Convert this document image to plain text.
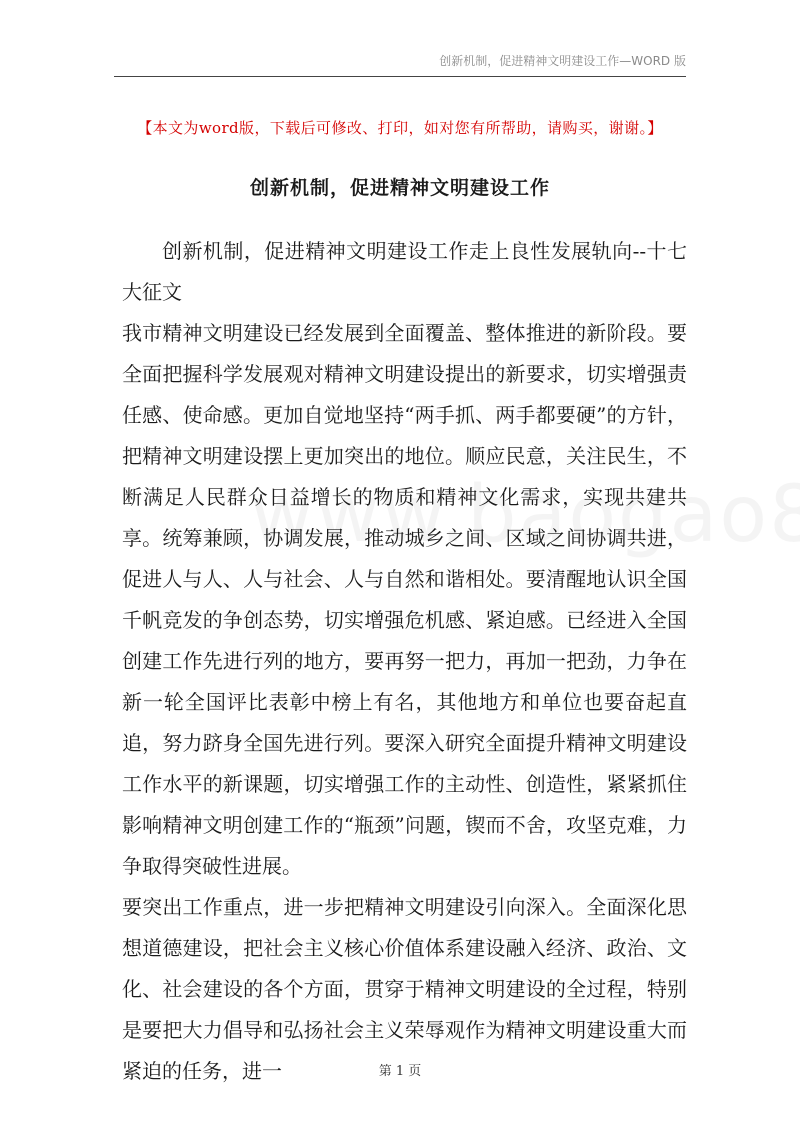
创新机制，促进精神文明建设工作—WORD 版
【本文为word版，下载后可修改、打印，如对您有所帮助，请购买，谢谢。】
创新机制，促进精神文明建设工作

创新机制，促进精神文明建设工作走上良性发展轨向--十七大征文

我市精神文明建设已经发展到全面覆盖、整体推进的新阶段。要全面把握科学发展观对精神文明建设提出的新要求，切实增强责任感、使命感。更加自觉地坚持“两手抓、两手都要硬”的方针，把精神文明建设摆上更加突出的地位。顺应民意，关注民生，不断满足人民群众日益增长的物质和精神文化需求，实现共建共享。统筹兼顾，协调发展，推动城乡之间、区域之间协调共进，促进人与人、人与社会、人与自然和谐相处。要清醒地认识全国千帆竞发的争创态势，切实增强危机感、紧迫感。已经进入全国创建工作先进行列的地方，要再努一把力，再加一把劲，力争在新一轮全国评比表彰中榜上有名，其他地方和单位也要奋起直追，努力跻身全国先进行列。要深入研究全面提升精神文明建设工作水平的新课题，切实增强工作的主动性、创造性，紧紧抓住影响精神文明创建工作的“瓶颈”问题，锲而不舍，攻坚克难，力争取得突破性进展。

要突出工作重点，进一步把精神文明建设引向深入。全面深化思想道德建设，把社会主义核心价值体系建设融入经济、政治、文化、社会建设的各个方面，贯穿于精神文明建设的全过程，特别是要把大力倡导和弘扬社会主义荣辱观作为精神文明建设重大而紧迫的任务，进一	第 1 页
